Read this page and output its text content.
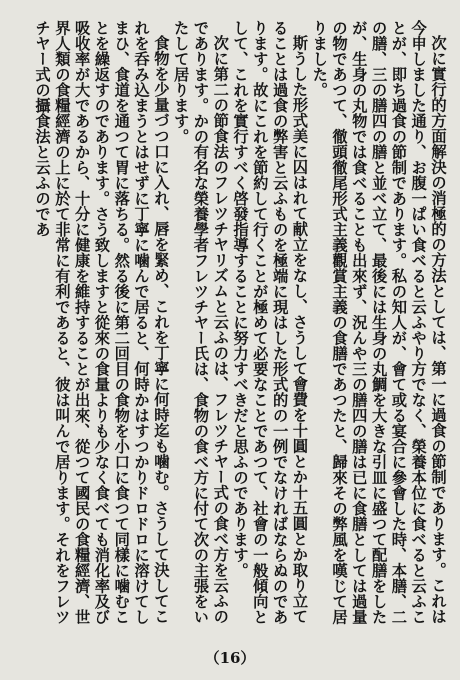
次に實行的方面解決の消極的の方法としては、第一に過食の節制であります。これは今申しました通り、お腹一ぱい食べると云ふやり方でなく、榮養本位に食べると云ふことが、即ち過食の節制であります。私の知人が、會て或る宴合に參會した時、本膳、二の膳、三の膳四の膳と並べ立て、最後には生身の丸鯛を大きな引皿に盛つて配膳をしたが、生身の丸物では食べることも出來ず、況んや三の膳四の膳は已に食膳としては過量の物であつて、徹頭徹尾形式主義觀賞主義の食膳であつたと、歸來その弊風を嘆じて居りました。

斯うした形式美に囚はれて献立をなし、さうして會費を十圓とか十五圓とか取り立てることは過食の弊害と云ふものを極端に現はした形式的の一例でなければならぬのであります。故にこれを節約して行くことが極めて必要なことであつて、社會の一般傾向として、これを實行すべく啓發指導することに努力すべきだと思ふのであります。

次に第二の節食法のフレツチヤリズムと云ふのは、フレツチヤー式の食べ方を云ふのであります。かの有名な榮養學者フレツチヤー氏は、食物の食べ方に付て次の主張をいたして居ります。

食物を少量づつ口に入れ、唇を緊め、これを丁寧に何時迄も噛む。さうして決してこれを呑み込まうとはせずに丁寧に噛んで居ると、何時かはすつかりドロドロに溶けてしまひ、食道を通つて胃に落ちる。然る後に第二回目の食物を小口に食つて同樣に噛むことを繰返すのであります。さう致しますと從來の食量よりも少なく食べても消化率及び吸收率が大であるから、十分に健康を維持することが出來、從つて國民の食糧經濟、世界人類の食糧經濟の上に於て非常に有利であると、彼は叫んで居ります。それをフレツチヤー式の攝食法と云ふのであ

（16）
